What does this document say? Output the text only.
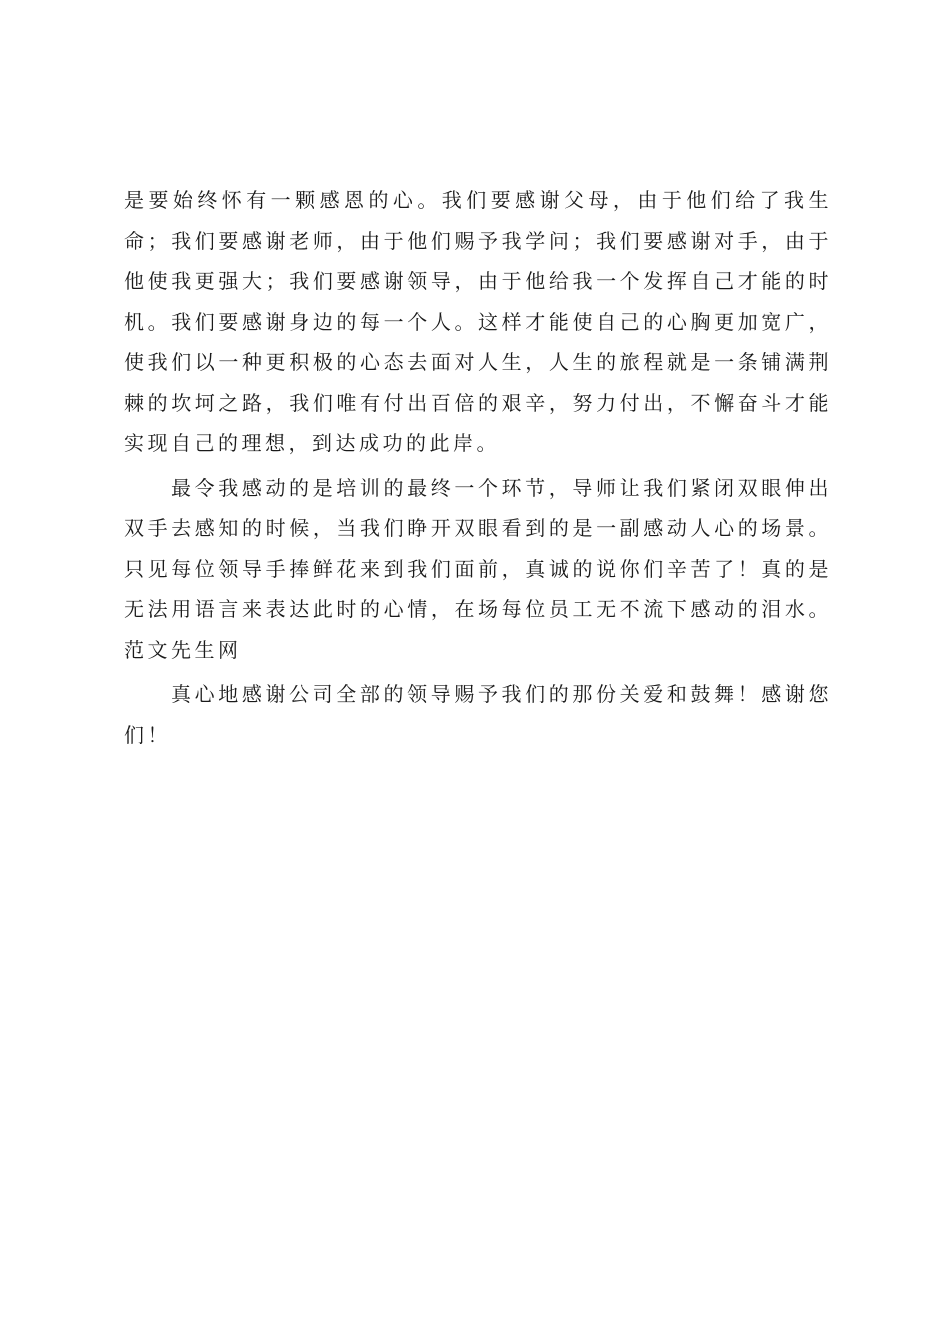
是要始终怀有一颗感恩的心。我们要感谢父母，由于他们给了我生命；我们要感谢老师，由于他们赐予我学问；我们要感谢对手，由于他使我更强大；我们要感谢领导，由于他给我一个发挥自己才能的时机。我们要感谢身边的每一个人。这样才能使自己的心胸更加宽广，使我们以一种更积极的心态去面对人生，人生的旅程就是一条铺满荆棘的坎坷之路，我们唯有付出百倍的艰辛，努力付出，不懈奋斗才能实现自己的理想，到达成功的此岸。

最令我感动的是培训的最终一个环节，导师让我们紧闭双眼伸出双手去感知的时候，当我们睁开双眼看到的是一副感动人心的场景。只见每位领导手捧鲜花来到我们面前，真诚的说你们辛苦了！真的是无法用语言来表达此时的心情，在场每位员工无不流下感动的泪水。范文先生网

真心地感谢公司全部的领导赐予我们的那份关爱和鼓舞！感谢您们！
